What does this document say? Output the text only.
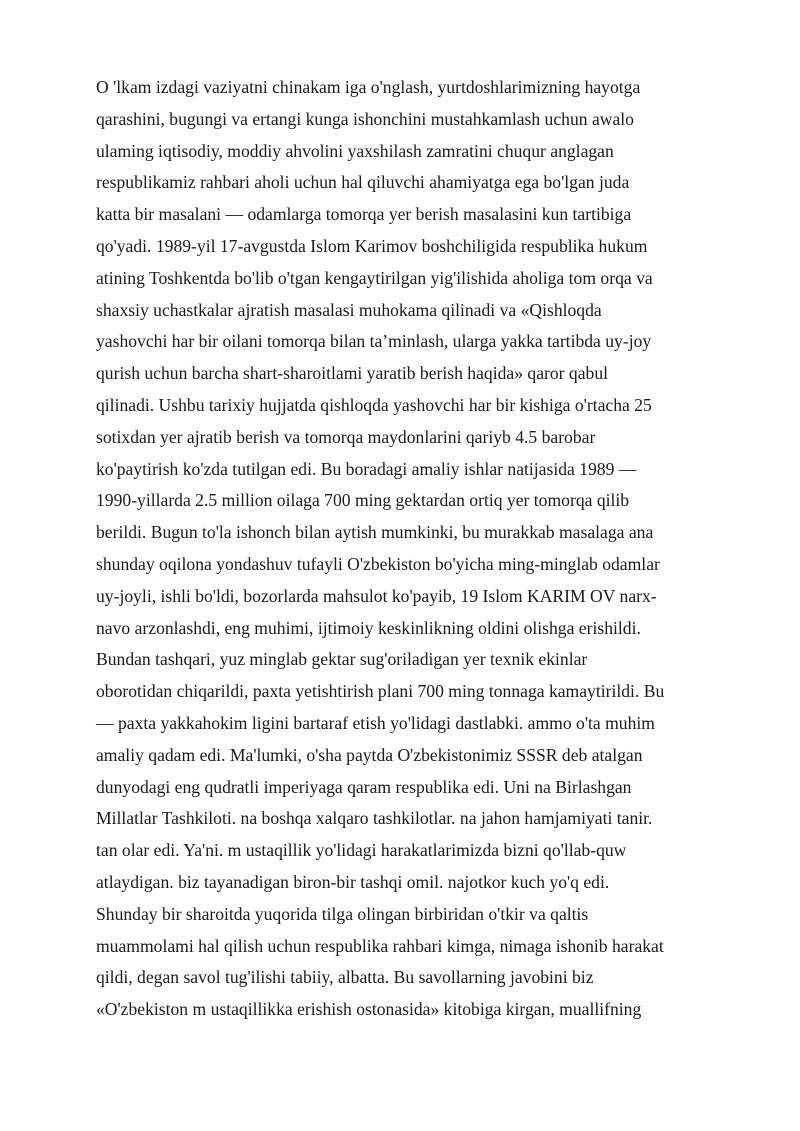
O 'lkam izdagi vaziyatni chinakam iga o'nglash, yurtdoshlarimizning hayotga
qarashini, bugungi va ertangi kunga ishonchini mustahkamlash uchun awalo
ulaming iqtisodiy, moddiy ahvolini yaxshilash zamratini chuqur anglagan
respublikamiz rahbari aholi uchun hal qiluvchi ahamiyatga ega bo'lgan juda
katta bir masalani — odamlarga tomorqa yer berish masalasini kun tartibiga
qo'yadi. 1989-yil 17-avgustda Islom Karimov boshchiligida respublika hukum
atining Toshkentda bo'lib o'tgan kengaytirilgan yig'ilishida aholiga tom orqa va
shaxsiy uchastkalar ajratish masalasi muhokama qilinadi va «Qishloqda
yashovchi har bir oilani tomorqa bilan ta’minlash, ularga yakka tartibda uy-joy
qurish uchun barcha shart-sharoitlami yaratib berish haqida» qaror qabul
qilinadi. Ushbu tarixiy hujjatda qishloqda yashovchi har bir kishiga o'rtacha 25
sotixdan yer ajratib berish va tomorqa maydonlarini qariyb 4.5 barobar
ko'paytirish ko'zda tutilgan edi. Bu boradagi amaliy ishlar natijasida 1989 —
1990-yillarda 2.5 million oilaga 700 ming gektardan ortiq yer tomorqa qilib
berildi. Bugun to'la ishonch bilan aytish mumkinki, bu murakkab masalaga ana
shunday oqilona yondashuv tufayli O'zbekiston bo'yicha ming-minglab odamlar
uy-joyli, ishli bo'ldi, bozorlarda mahsulot ko'payib, 19 Islom KARIM OV narx-
navo arzonlashdi, eng muhimi, ijtimoiy keskinlikning oldini olishga erishildi.
Bundan tashqari, yuz minglab gektar sug'oriladigan yer texnik ekinlar
oborotidan chiqarildi, paxta yetishtirish plani 700 ming tonnaga kamaytirildi. Bu
— paxta yakkahokim ligini bartaraf etish yo'lidagi dastlabki. ammo o'ta muhim
amaliy qadam edi. Ma'lumki, o'sha paytda O'zbekistonimiz SSSR deb atalgan
dunyodagi eng qudratli imperiyaga qaram respublika edi. Uni na Birlashgan
Millatlar Tashkiloti. na boshqa xalqaro tashkilotlar. na jahon hamjamiyati tanir.
tan olar edi. Ya'ni. m ustaqillik yo'lidagi harakatlarimizda bizni qo'llab-quw
atlaydigan. biz tayanadigan biron-bir tashqi omil. najotkor kuch yo'q edi.
Shunday bir sharoitda yuqorida tilga olingan birbiridan o'tkir va qaltis
muammolami hal qilish uchun respublika rahbari kimga, nimaga ishonib harakat
qildi, degan savol tug'ilishi tabiiy, albatta. Bu savollarning javobini biz
«O'zbekiston m ustaqillikka erishish ostonasida» kitobiga kirgan, muallifning
